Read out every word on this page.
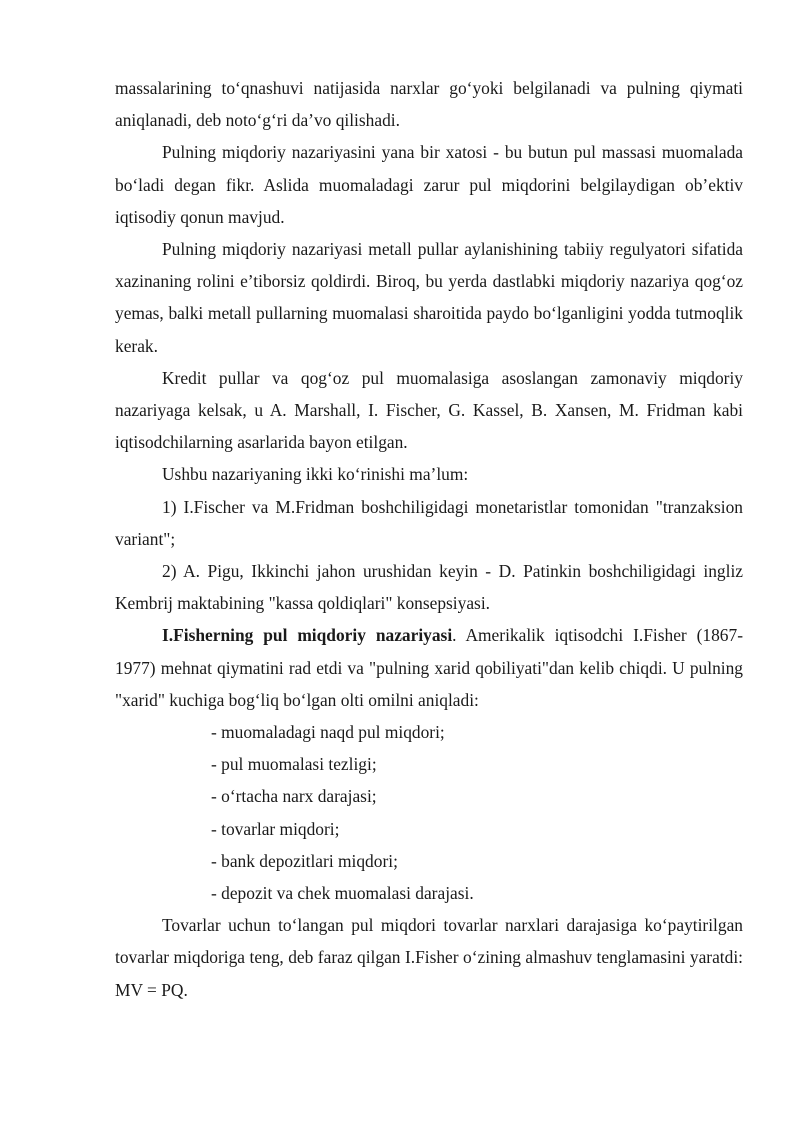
massalarining to‘qnashuvi natijasida narxlar go‘yoki belgilanadi va pulning qiymati aniqlanadi, deb noto‘g‘ri da’vo qilishadi.

Pulning miqdoriy nazariyasini yana bir xatosi - bu butun pul massasi muomalada bo‘ladi degan fikr. Aslida muomaladagi zarur pul miqdorini belgilaydigan ob’ektiv iqtisodiy qonun mavjud.

Pulning miqdoriy nazariyasi metall pullar aylanishining tabiiy regulyatori sifatida xazinaning rolini e’tiborsiz qoldirdi. Biroq, bu yerda dastlabki miqdoriy nazariya qog‘oz yemas, balki metall pullarning muomalasi sharoitida paydo bo‘lganligini yodda tutmoqlik kerak.

Kredit pullar va qog‘oz pul muomalasiga asoslangan zamonaviy miqdoriy nazariyaga kelsak, u A. Marshall, I. Fischer, G. Kassel, B. Xansen, M. Fridman kabi iqtisodchilarning asarlarida bayon etilgan.

Ushbu nazariyaning ikki ko‘rinishi ma’lum:

1) I.Fischer va M.Fridman boshchiligidagi monetaristlar tomonidan "tranzaksion variant";

2) A. Pigu, Ikkinchi jahon urushidan keyin - D. Patinkin boshchiligidagi ingliz Kembrij maktabining "kassa qoldiqlari" konsepsiyasi.

I.Fisherning pul miqdoriy nazariyasi. Amerikalik iqtisodchi I.Fisher (1867-1977) mehnat qiymatini rad etdi va "pulning xarid qobiliyati"dan kelib chiqdi. U pulning "xarid" kuchiga bog‘liq bo‘lgan olti omilni aniqladi:

- muomaladagi naqd pul miqdori;
- pul muomalasi tezligi;
- o‘rtacha narx darajasi;
- tovarlar miqdori;
- bank depozitlari miqdori;
- depozit va chek muomalasi darajasi.

Tovarlar uchun to‘langan pul miqdori tovarlar narxlari darajasiga ko‘paytirilgan tovarlar miqdoriga teng, deb faraz qilgan I.Fisher o‘zining almashuv tenglamasini yaratdi: MV = PQ.
